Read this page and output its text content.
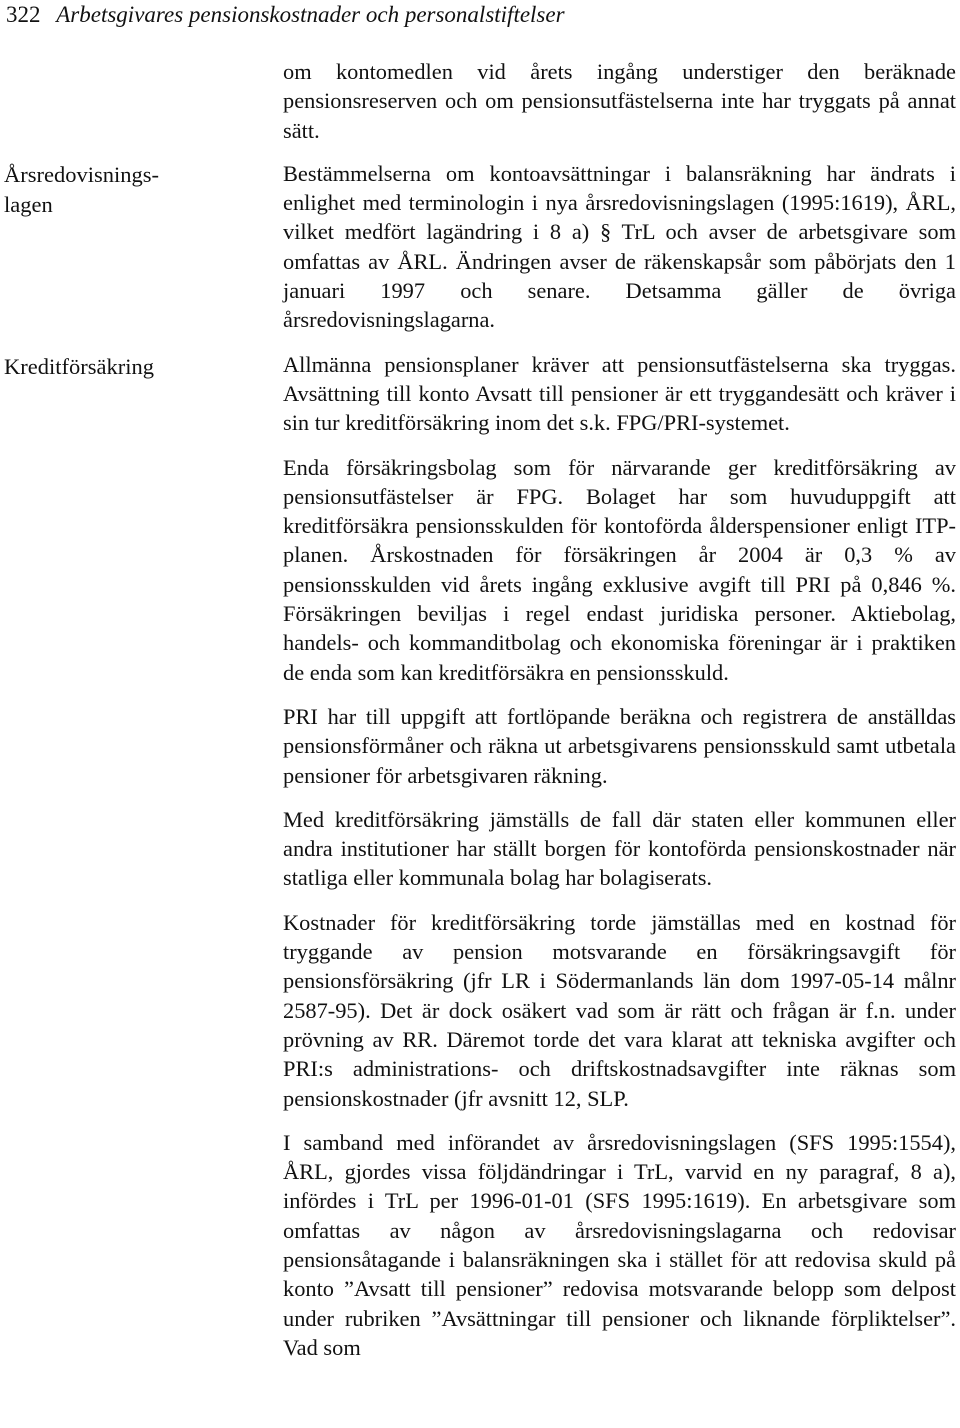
322 Arbetsgivares pensionskostnader och personalstiftelser
Årsredovisnings-
lagen
Kreditförsäkring

om kontomedlen vid årets ingång understiger den beräknade pensionsreserven och om pensionsutfästelserna inte har tryggats på annat sätt.

Bestämmelserna om kontoavsättningar i balansräkning har ändrats i enlighet med terminologin i nya årsredovisningslagen (1995:1619), ÅRL, vilket medfört lagändring i 8 a) § TrL och avser de arbetsgivare som omfattas av ÅRL. Ändringen avser de räkenskapsår som påbörjats den 1 januari 1997 och senare. Detsamma gäller de övriga årsredovisningslagarna.

Allmänna pensionsplaner kräver att pensionsutfästelserna ska tryggas. Avsättning till konto Avsatt till pensioner är ett tryggandesätt och kräver i sin tur kreditförsäkring inom det s.k. FPG/PRI-systemet.

Enda försäkringsbolag som för närvarande ger kreditförsäkring av pensionsutfästelser är FPG. Bolaget har som huvuduppgift att kreditförsäkra pensionsskulden för kontoförda ålderspensioner enligt ITP-planen. Årskostnaden för försäkringen år 2004 är 0,3 % av pensionsskulden vid årets ingång exklusive avgift till PRI på 0,846 %. Försäkringen beviljas i regel endast juridiska personer. Aktiebolag, handels- och kommanditbolag och ekonomiska föreningar är i praktiken de enda som kan kreditförsäkra en pensionsskuld.

PRI har till uppgift att fortlöpande beräkna och registrera de anställdas pensionsförmåner och räkna ut arbetsgivarens pensionsskuld samt utbetala pensioner för arbetsgivaren räkning.

Med kreditförsäkring jämställs de fall där staten eller kommunen eller andra institutioner har ställt borgen för kontoförda pensionskostnader när statliga eller kommunala bolag har bolagiserats.

Kostnader för kreditförsäkring torde jämställas med en kostnad för tryggande av pension motsvarande en försäkringsavgift för pensionsförsäkring (jfr LR i Södermanlands län dom 1997-05-14 målnr 2587-95). Det är dock osäkert vad som är rätt och frågan är f.n. under prövning av RR. Däremot torde det vara klarat att tekniska avgifter och PRI:s administrations- och driftskostnadsavgifter inte räknas som pensionskostnader (jfr avsnitt 12, SLP.

I samband med införandet av årsredovisningslagen (SFS 1995:1554), ÅRL, gjordes vissa följdändringar i TrL, varvid en ny paragraf, 8 a), infördes i TrL per 1996-01-01 (SFS 1995:1619). En arbetsgivare som omfattas av någon av årsredovisningslagarna och redovisar pensionsåtagande i balansräkningen ska i stället för att redovisa skuld på konto ”Avsatt till pensioner” redovisa motsvarande belopp som delpost under rubriken ”Avsättningar till pensioner och liknande förpliktelser”. Vad som
